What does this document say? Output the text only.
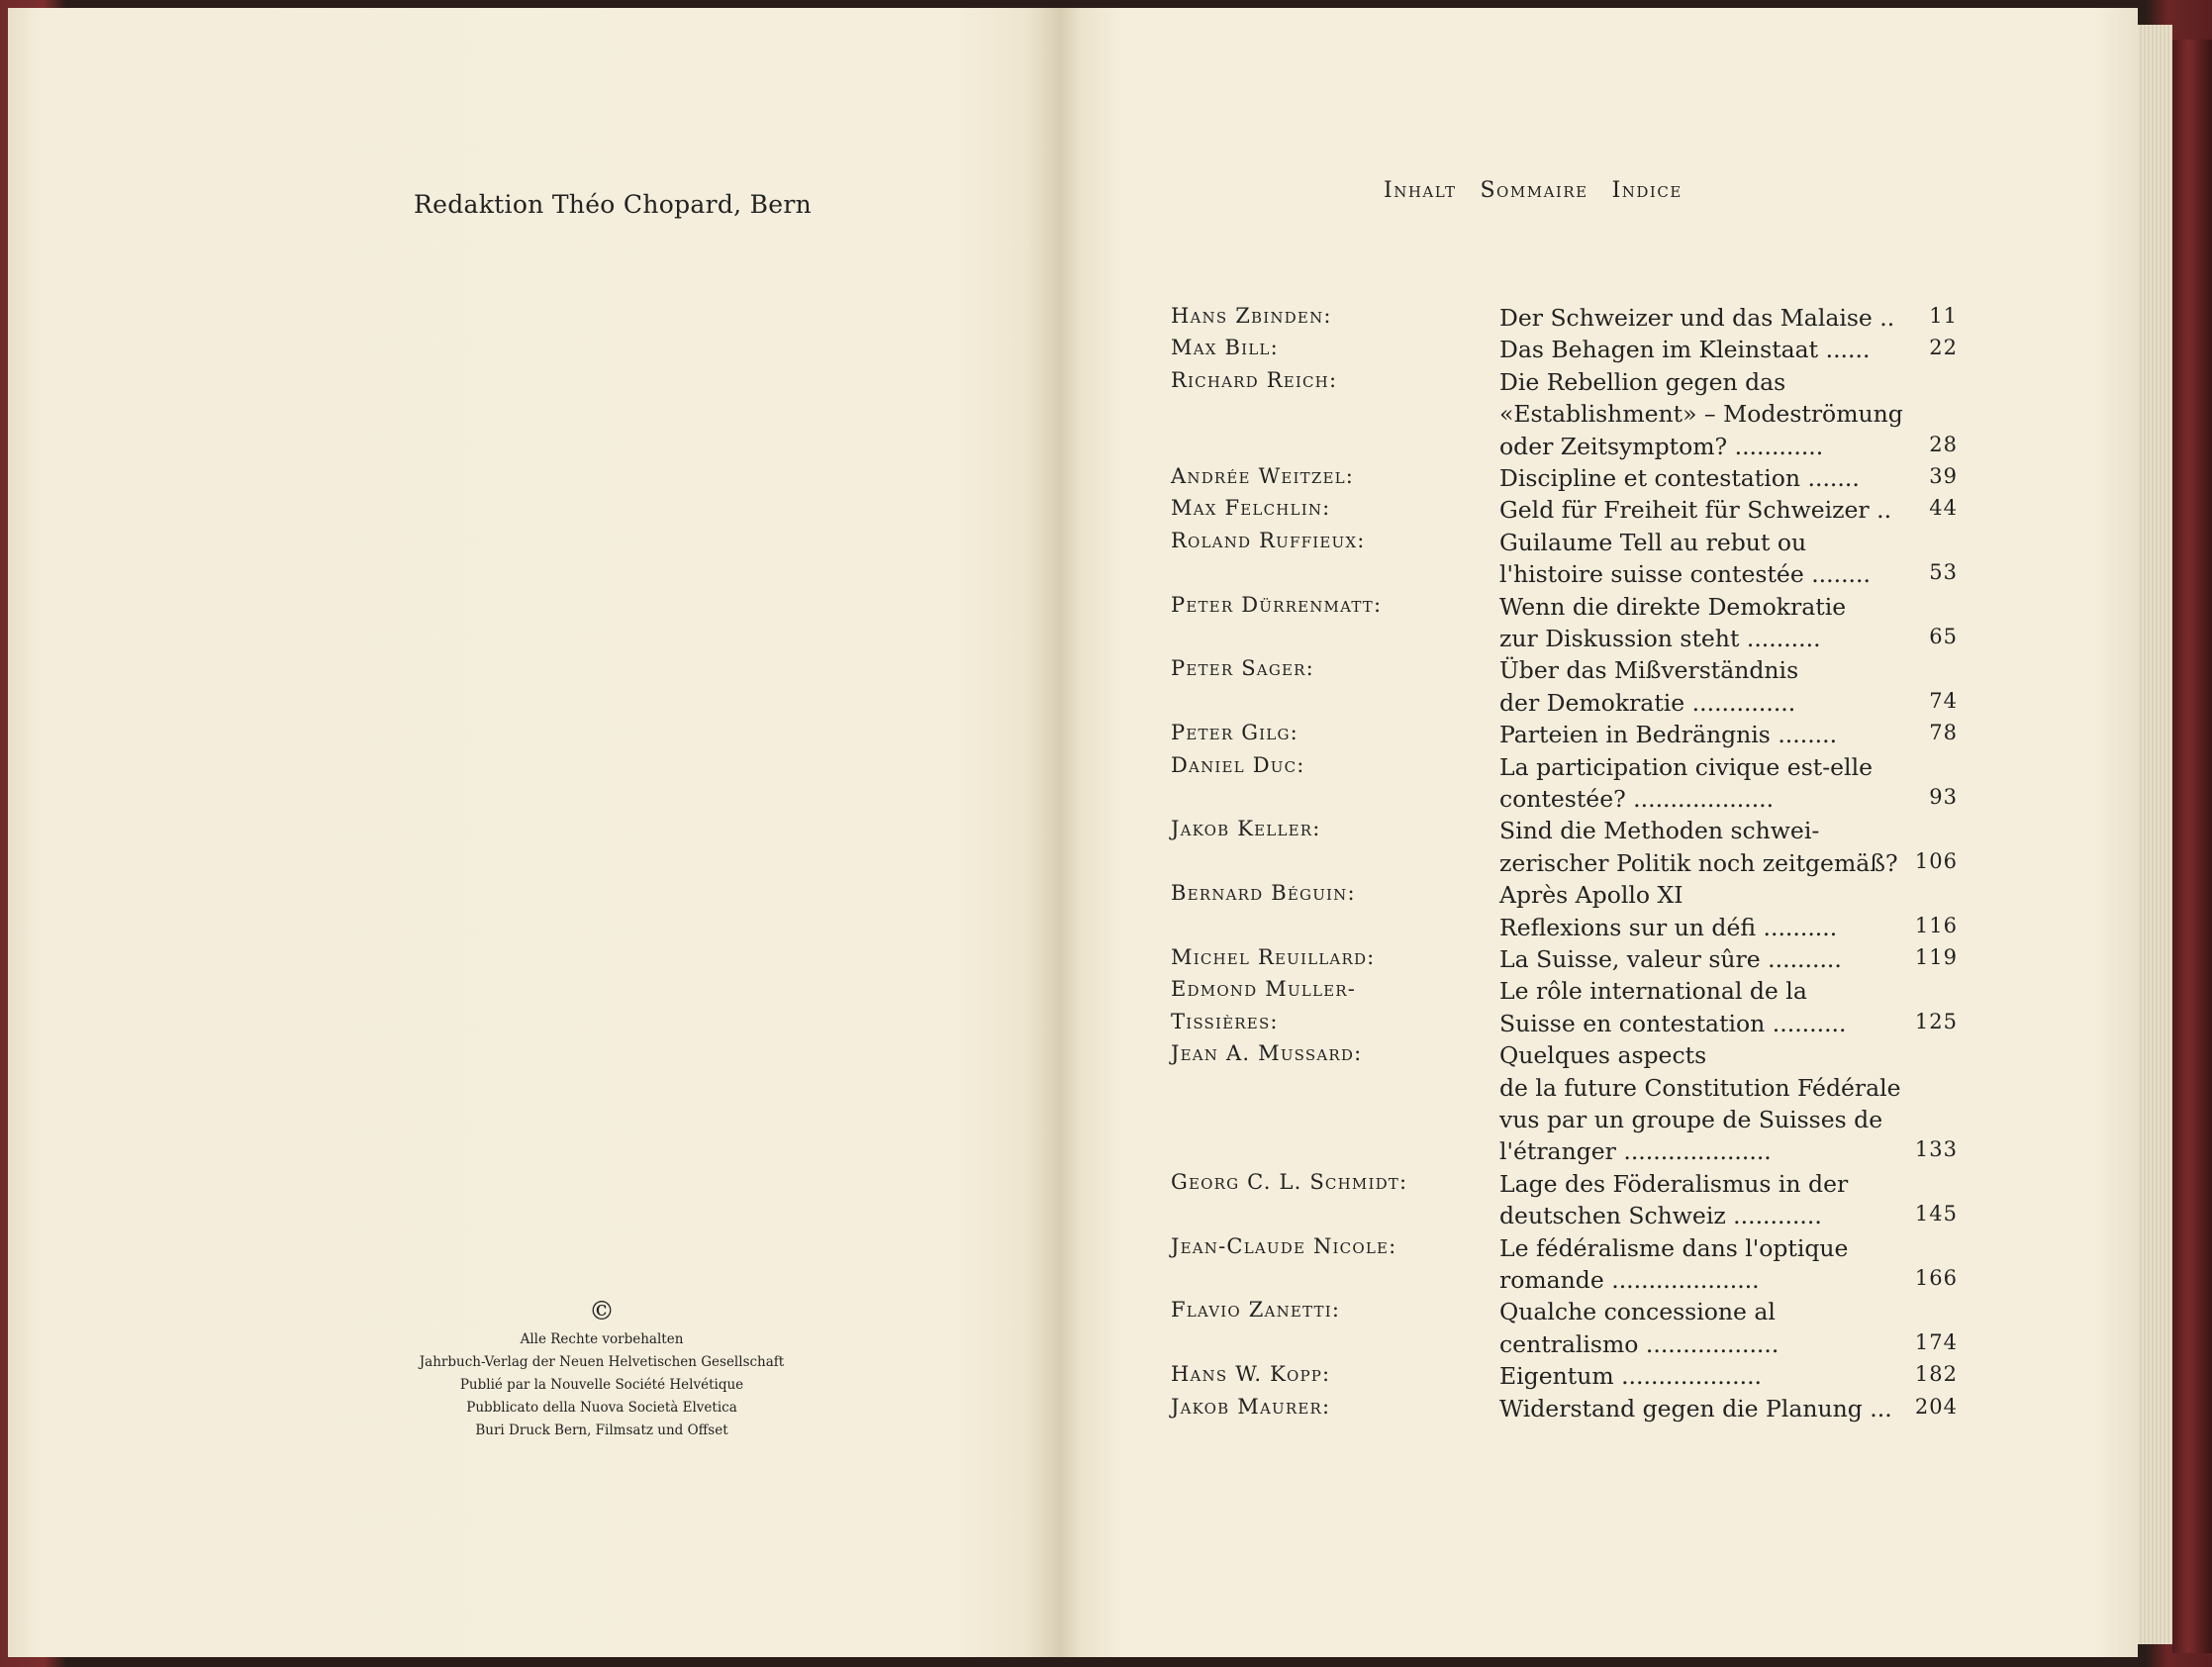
Redaktion Théo Chopard, Bern
©
Alle Rechte vorbehalten
Jahrbuch-Verlag der Neuen Helvetischen Gesellschaft
Publié par la Nouvelle Société Helvétique
Pubblicato della Nuova Società Elvetica
Buri Druck Bern, Filmsatz und Offset
Inhalt Sommaire Indice
Hans Zbinden:	Der Schweizer und das Malaise ..	11
Max Bill:	Das Behagen im Kleinstaat ......	22
Richard Reich:	Die Rebellion gegen das
«Establishment» – Modeströmung
oder Zeitsymptom? ............	28
Andrée Weitzel:	Discipline et contestation .......	39
Max Felchlin:	Geld für Freiheit für Schweizer ..	44
Roland Ruffieux:	Guilaume Tell au rebut ou
l'histoire suisse contestée ........	53
Peter Dürrenmatt:	Wenn die direkte Demokratie
zur Diskussion steht ..........	65
Peter Sager:	Über das Mißverständnis
der Demokratie ..............	74
Peter Gilg:	Parteien in Bedrängnis ........	78
Daniel Duc:	La participation civique est-elle
contestée? ...................	93
Jakob Keller:	Sind die Methoden schwei-
zerischer Politik noch zeitgemäß? 106
Bernard Béguin:	Après Apollo XI
Reflexions sur un défi ..........	116
Michel Reuillard:	La Suisse, valeur sûre ..........	119
Edmond Muller-	Le rôle international de la
Tissières:	Suisse en contestation ..........	125
Jean A. Mussard:	Quelques aspects
de la future Constitution Fédérale
vus par un groupe de Suisses de
l'étranger ....................	133
Georg C. L. Schmidt:	Lage des Föderalismus in der
deutschen Schweiz ............	145
Jean-Claude Nicole:	Le fédéralisme dans l'optique
romande ....................	166
Flavio Zanetti:	Qualche concessione al
centralismo ..................	174
Hans W. Kopp:	Eigentum ...................	182
Jakob Maurer:	Widerstand gegen die Planung ...	204
